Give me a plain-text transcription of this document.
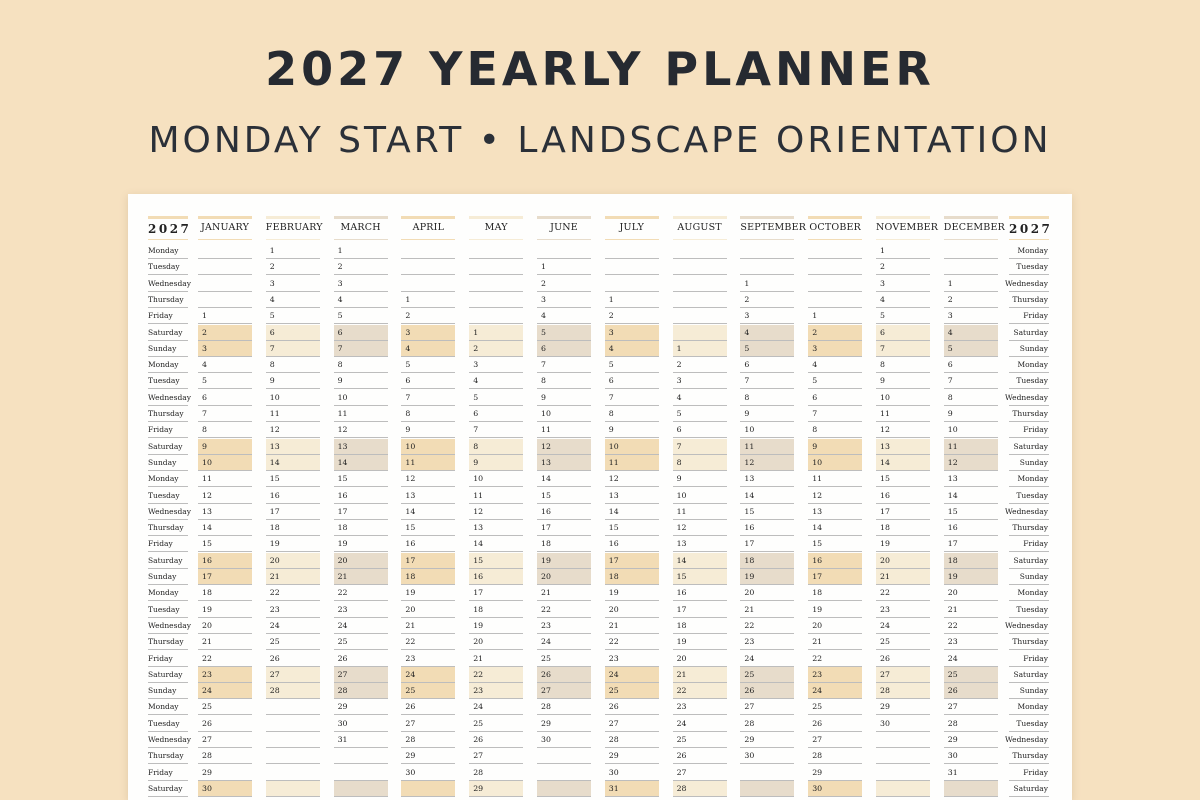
2027 YEARLY PLANNER
MONDAY START • LANDSCAPE ORIENTATION
2027
Monday
Tuesday
Wednesday
Thursday
Friday
Saturday
Sunday
Monday
Tuesday
Wednesday
Thursday
Friday
Saturday
Sunday
Monday
Tuesday
Wednesday
Thursday
Friday
Saturday
Sunday
Monday
Tuesday
Wednesday
Thursday
Friday
Saturday
Sunday
Monday
Tuesday
Wednesday
Thursday
Friday
Saturday
2027
Monday
Tuesday
Wednesday
Thursday
Friday
Saturday
Sunday
Monday
Tuesday
Wednesday
Thursday
Friday
Saturday
Sunday
Monday
Tuesday
Wednesday
Thursday
Friday
Saturday
Sunday
Monday
Tuesday
Wednesday
Thursday
Friday
Saturday
Sunday
Monday
Tuesday
Wednesday
Thursday
Friday
Saturday
JANUARY
1
2
3
4
5
6
7
8
9
10
11
12
13
14
15
16
17
18
19
20
21
22
23
24
25
26
27
28
29
30
FEBRUARY
1
2
3
4
5
6
7
8
9
10
11
12
13
14
15
16
17
18
19
20
21
22
23
24
25
26
27
28
MARCH
1
2
3
4
5
6
7
8
9
10
11
12
13
14
15
16
17
18
19
20
21
22
23
24
25
26
27
28
29
30
31
APRIL
1
2
3
4
5
6
7
8
9
10
11
12
13
14
15
16
17
18
19
20
21
22
23
24
25
26
27
28
29
30
MAY
1
2
3
4
5
6
7
8
9
10
11
12
13
14
15
16
17
18
19
20
21
22
23
24
25
26
27
28
29
JUNE
1
2
3
4
5
6
7
8
9
10
11
12
13
14
15
16
17
18
19
20
21
22
23
24
25
26
27
28
29
30
JULY
1
2
3
4
5
6
7
8
9
10
11
12
13
14
15
16
17
18
19
20
21
22
23
24
25
26
27
28
29
30
31
AUGUST
1
2
3
4
5
6
7
8
9
10
11
12
13
14
15
16
17
18
19
20
21
22
23
24
25
26
27
28
SEPTEMBER
1
2
3
4
5
6
7
8
9
10
11
12
13
14
15
16
17
18
19
20
21
22
23
24
25
26
27
28
29
30
OCTOBER
1
2
3
4
5
6
7
8
9
10
11
12
13
14
15
16
17
18
19
20
21
22
23
24
25
26
27
28
29
30
NOVEMBER
1
2
3
4
5
6
7
8
9
10
11
12
13
14
15
16
17
18
19
20
21
22
23
24
25
26
27
28
29
30
DECEMBER
1
2
3
4
5
6
7
8
9
10
11
12
13
14
15
16
17
18
19
20
21
22
23
24
25
26
27
28
29
30
31
